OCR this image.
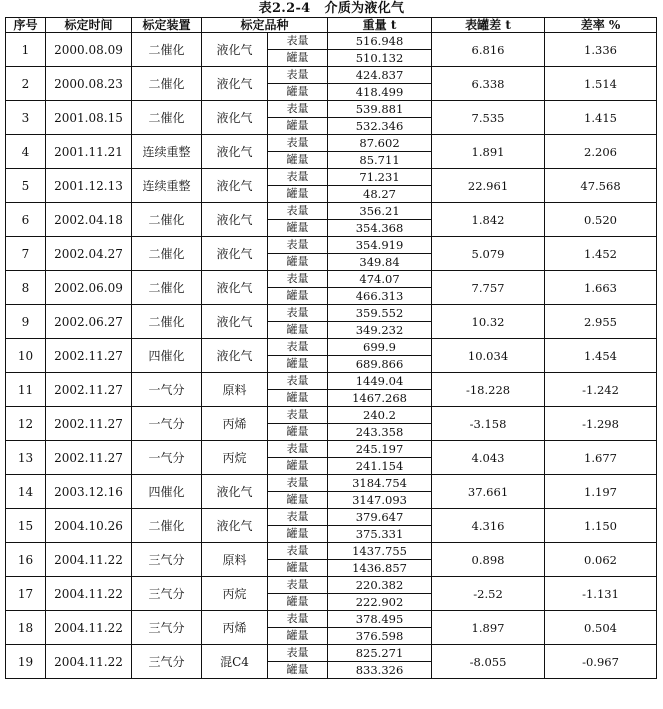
表2.2-4 介质为液化气
序号	标定时间	标定装置	标定品种		重量 t	表罐差 t	差率 %
1	2000.08.09	二催化	液化气	表量	516.948	6.816	1.336
				罐量	510.132		
2	2000.08.23	二催化	液化气	表量	424.837	6.338	1.514
				罐量	418.499		
3	2001.08.15	二催化	液化气	表量	539.881	7.535	1.415
				罐量	532.346		
4	2001.11.21	连续重整	液化气	表量	87.602	1.891	2.206
				罐量	85.711		
5	2001.12.13	连续重整	液化气	表量	71.231	22.961	47.568
				罐量	48.27		
6	2002.04.18	二催化	液化气	表量	356.21	1.842	0.520
				罐量	354.368		
7	2002.04.27	二催化	液化气	表量	354.919	5.079	1.452
				罐量	349.84		
8	2002.06.09	二催化	液化气	表量	474.07	7.757	1.663
				罐量	466.313		
9	2002.06.27	二催化	液化气	表量	359.552	10.32	2.955
				罐量	349.232		
10	2002.11.27	四催化	液化气	表量	699.9	10.034	1.454
				罐量	689.866		
11	2002.11.27	一气分	原料	表量	1449.04	-18.228	-1.242
				罐量	1467.268		
12	2002.11.27	一气分	丙烯	表量	240.2	-3.158	-1.298
				罐量	243.358		
13	2002.11.27	一气分	丙烷	表量	245.197	4.043	1.677
				罐量	241.154		
14	2003.12.16	四催化	液化气	表量	3184.754	37.661	1.197
				罐量	3147.093		
15	2004.10.26	二催化	液化气	表量	379.647	4.316	1.150
				罐量	375.331		
16	2004.11.22	三气分	原料	表量	1437.755	0.898	0.062
				罐量	1436.857		
17	2004.11.22	三气分	丙烷	表量	220.382	-2.52	-1.131
				罐量	222.902		
18	2004.11.22	三气分	丙烯	表量	378.495	1.897	0.504
				罐量	376.598		
19	2004.11.22	三气分	混C4	表量	825.271	-8.055	-0.967
				罐量	833.326		
